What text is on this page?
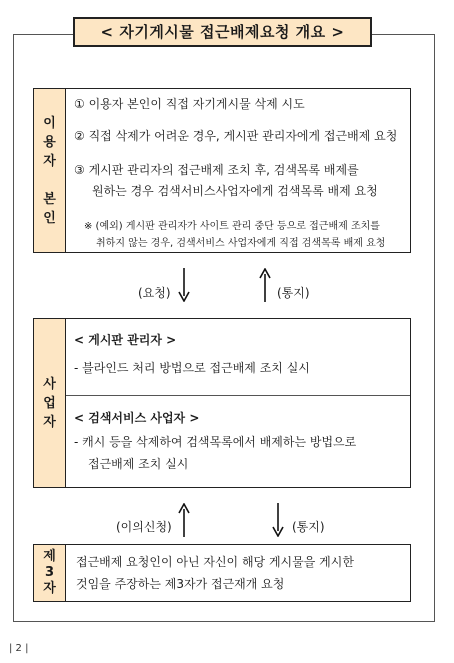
< 자기게시물 접근배제요청 개요 >
이
용
자
본
인
① 이용자 본인이 직접 자기게시물 삭제 시도
② 직접 삭제가 어려운 경우, 게시판 관리자에게 접근배제 요청
③ 게시판 관리자의 접근배제 조치 후, 검색목록 배제를
원하는 경우 검색서비스사업자에게 검색목록 배제 요청
※ (예외) 게시판 관리자가 사이트 관리 중단 등으로 접근배제 조치를
취하지 않는 경우, 검색서비스 사업자에게 직접 검색목록 배제 요청
(요청)	(통지)
사
업
자
< 게시판 관리자 >
- 블라인드 처리 방법으로 접근배제 조치 실시
< 검색서비스 사업자 >
- 캐시 등을 삭제하여 검색목록에서 배제하는 방법으로
접근배제 조치 실시
(이의신청)	(통지)
제
3
자
접근배제 요청인이 아닌 자신이 해당 게시물을 게시한
것임을 주장하는 제3자가 접근재개 요청
| 2 |
